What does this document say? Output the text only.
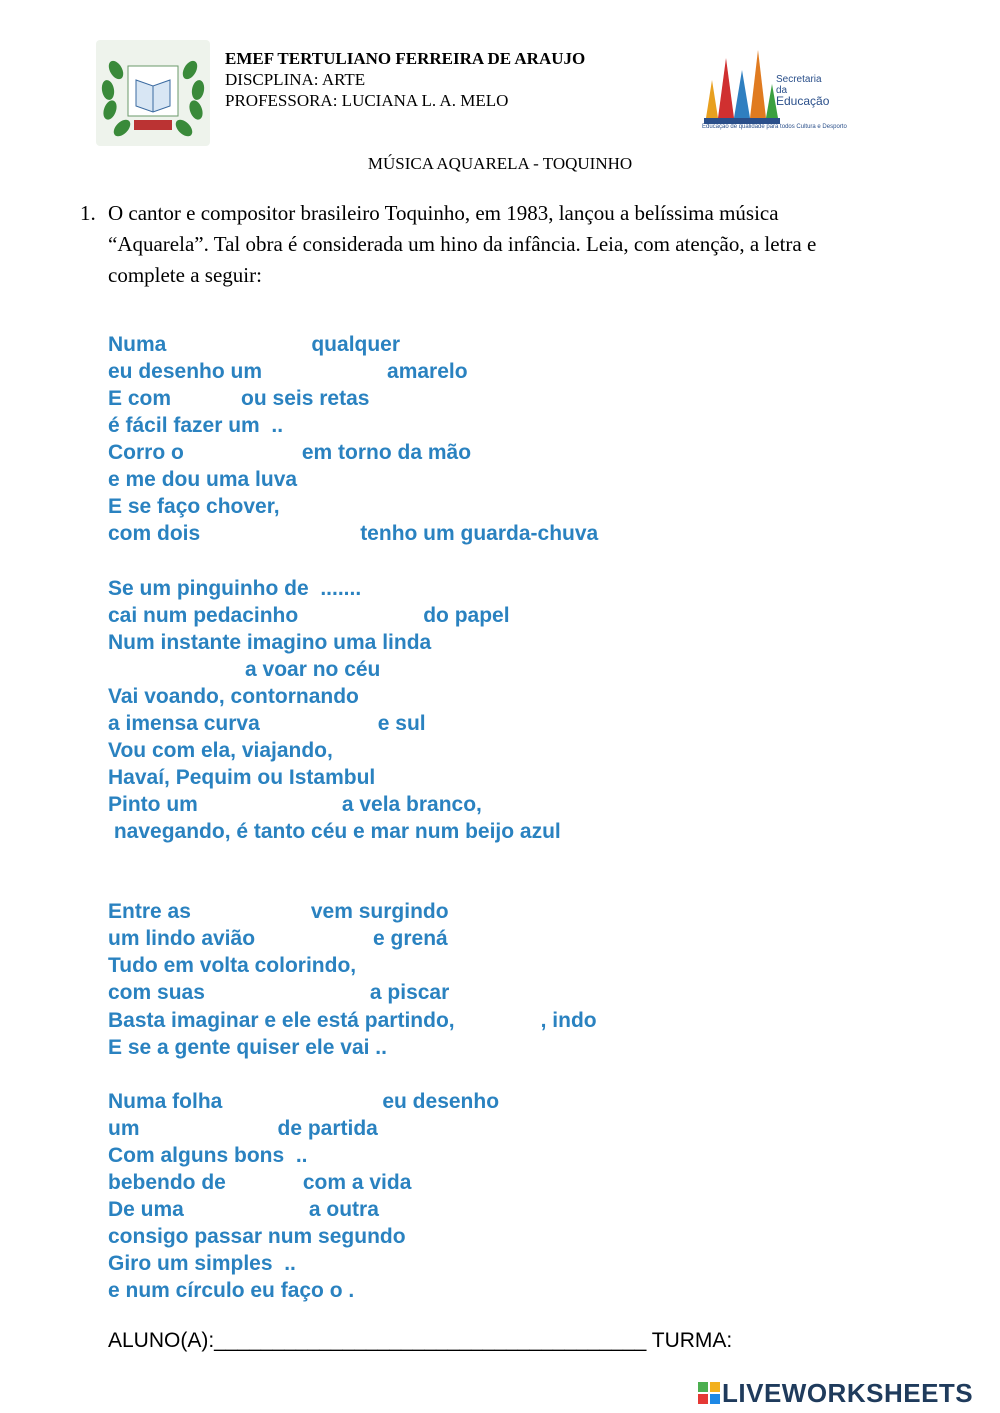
EMEF TERTULIANO FERREIRA DE ARAUJO
DISCPLINA: ARTE
PROFESSORA: LUCIANA L. A. MELO
Secretaria da
Educação
Educação de qualidade para todos Cultura e Desporto
MÚSICA AQUARELA - TOQUINHO
1. O cantor e compositor brasileiro Toquinho, em 1983, lançou a belíssima música
“Aquarela”. Tal obra é considerada um hino da infância. Leia, com atenção, a letra e
complete a seguir:
Numa	qualquer
eu desenho um	amarelo
E com	ou seis retas
é fácil fazer um  ..
Corro o	em torno da mão
e me dou uma luva
E se faço chover,
com dois	tenho um guarda-chuva
Se um pinguinho de  .......
cai num pedacinho	do papel
Num instante imagino uma linda
a voar no céu
Vai voando, contornando
a imensa curva	e sul
Vou com ela, viajando,
Havaí, Pequim ou Istambul
Pinto um	a vela branco,
navegando, é tanto céu e mar num beijo azul
Entre as	vem surgindo
um lindo avião	e grená
Tudo em volta colorindo,
com suas	a piscar
Basta imaginar e ele está partindo,	, indo
E se a gente quiser ele vai ..
Numa folha	eu desenho
um	de partida
Com alguns bons  ..
bebendo de	com a vida
De uma	a outra
consigo passar num segundo
Giro um simples  ..
e num círculo eu faço o .
ALUNO(A):_____________________________________ TURMA:
LIVEWORKSHEETS
